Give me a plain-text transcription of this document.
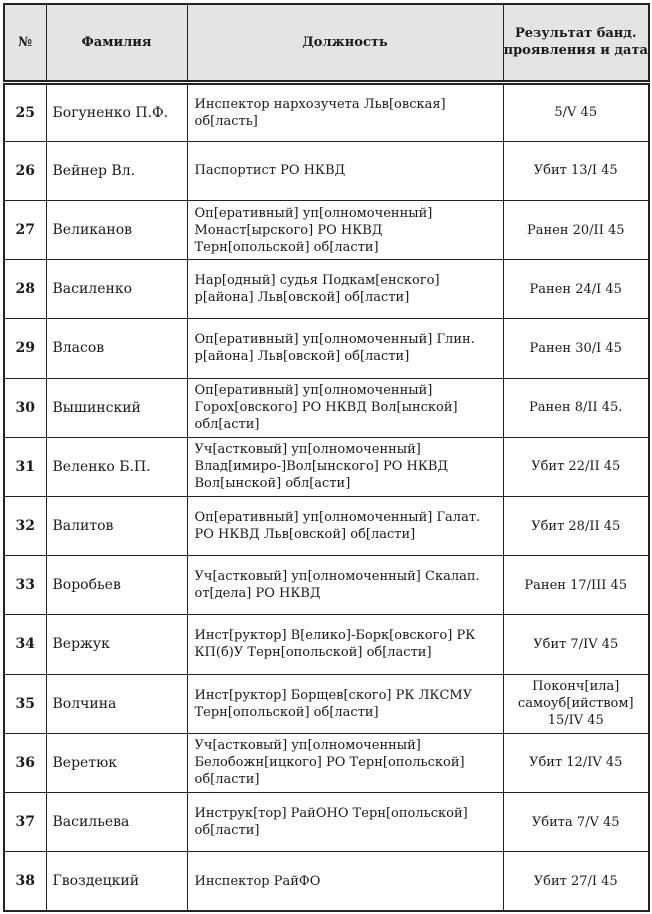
№	Фамилия	Должность	Результат банд.
проявления и дата

25	Богуненко П.Ф.	Инспектор нархозучета Льв[овская] об[ласть]	5/V 45
26	Вейнер Вл.	Паспортист РО НКВД	Убит 13/I 45
27	Великанов	Оп[еративный] уп[олномоченный] Монаст[ырского] РО НКВД Терн[опольской] об[ласти]	Ранен 20/II 45
28	Василенко	Нар[одный] судья Подкам[енского] р[айона] Льв[овской] об[ласти]	Ранен 24/I 45
29	Власов	Оп[еративный] уп[олномоченный] Глин. р[айона] Льв[овской] об[ласти]	Ранен 30/I 45
30	Вышинский	Оп[еративный] уп[олномоченный] Горох[овского] РО НКВД Вол[ынской] обл[асти]	Ранен 8/II 45.
31	Веленко Б.П.	Уч[астковый] уп[олномоченный] Влад[имиро-]Вол[ынского] РО НКВД Вол[ынской] обл[асти]	Убит 22/II 45
32	Валитов	Оп[еративный] уп[олномоченный] Галат. РО НКВД Льв[овской] об[ласти]	Убит 28/II 45
33	Воробьев	Уч[астковый] уп[олномоченный] Скалап. от[дела] РО НКВД	Ранен 17/III 45
34	Вержук	Инст[руктор] В[елико]-Борк[овского] РК КП(б)У Терн[опольской] об[ласти]	Убит 7/IV 45
35	Волчина	Инст[руктор] Борщев[ского] РК ЛКСМУ Терн[опольской] об[ласти]	Поконч[ила] самоуб[ийством] 15/IV 45
36	Веретюк	Уч[астковый] уп[олномоченный] Белобожн[ицкого] РО Терн[опольской] об[ласти]	Убит 12/IV 45
37	Васильева	Инструк[тор] РайОНО Терн[опольской] об[ласти]	Убита 7/V 45
38	Гвоздецкий	Инспектор РайФО	Убит 27/I 45
